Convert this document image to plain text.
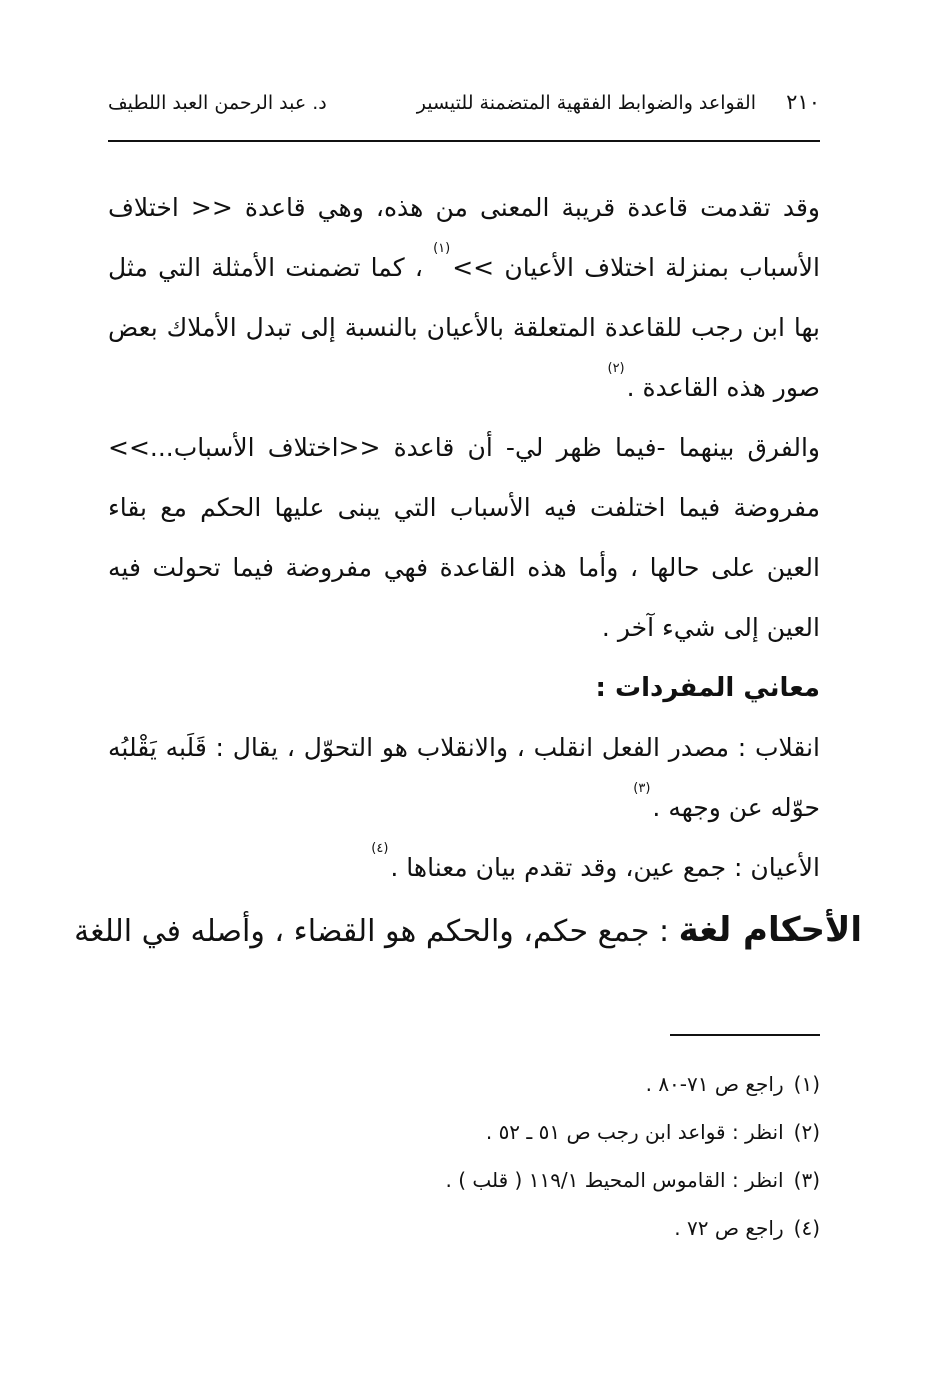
٢١٠
القواعد والضوابط الفقهية المتضمنة للتيسير
د. عبد الرحمن العبد اللطيف

وقد تقدمت قاعدة قريبة المعنى من هذه، وهي قاعدة << اختلاف الأسباب بمنزلة اختلاف الأعيان >>$^{(١)}$ ، كما تضمنت الأمثلة التي مثل بها ابن رجب للقاعدة المتعلقة بالأعيان بالنسبة إلى تبدل الأملاك بعض صور هذه القاعدة .$^{(٢)}$

والفرق بينهما -فيما ظهر لي- أن قاعدة <<اختلاف الأسباب...>> مفروضة فيما اختلفت فيه الأسباب التي يبنى عليها الحكم مع بقاء العين على حالها ، وأما هذه القاعدة فهي مفروضة فيما تحولت فيه العين إلى شيء آخر .

معاني المفردات :

انقلاب : مصدر الفعل انقلب ، والانقلاب هو التحوّل ، يقال : قَلَبه يَقْلبُه حوّله عن وجهه .$^{(٣)}$

الأعيان : جمع عين، وقد تقدم بيان معناها .$^{(٤)}$

الأحكام لغة : جمع حكم، والحكم هو القضاء ، وأصله في اللغة

(١)راجع ص ٧١-٨٠ .
(٢)انظر : قواعد ابن رجب ص ٥١ ـ ٥٢ .
(٣)انظر : القاموس المحيط ١١٩/١ ( قلب ) .
(٤)راجع ص ٧٢ .
